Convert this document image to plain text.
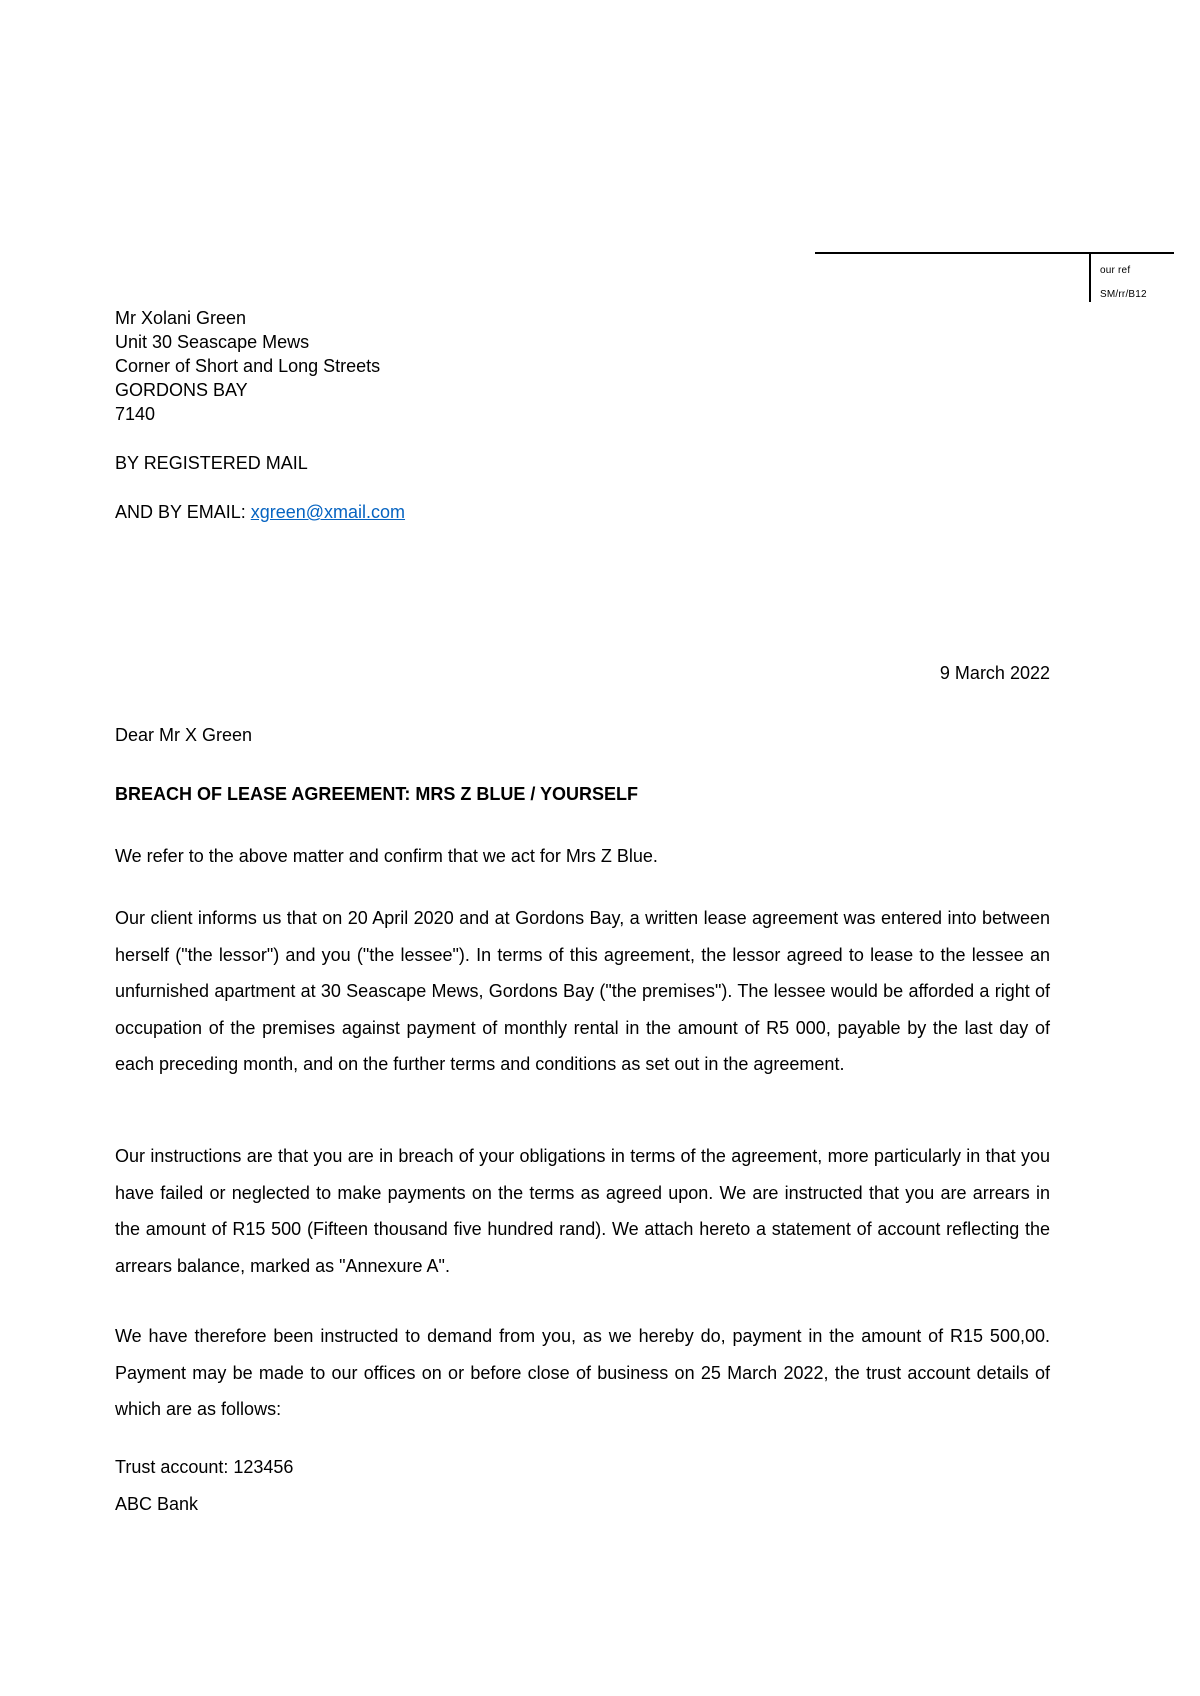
our ref
SM/rr/B12
Mr Xolani Green
Unit 30 Seascape Mews
Corner of Short and Long Streets
GORDONS BAY
7140
BY REGISTERED MAIL
AND BY EMAIL: xgreen@xmail.com
9 March 2022
Dear Mr X Green
BREACH OF LEASE AGREEMENT: MRS Z BLUE / YOURSELF

We refer to the above matter and confirm that we act for Mrs Z Blue.

Our client informs us that on 20 April 2020 and at Gordons Bay, a written lease agreement was entered into between herself ("the lessor") and you ("the lessee"). In terms of this agreement, the lessor agreed to lease to the lessee an unfurnished apartment at 30 Seascape Mews, Gordons Bay ("the premises"). The lessee would be afforded a right of occupation of the premises against payment of monthly rental in the amount of R5 000, payable by the last day of each preceding month, and on the further terms and conditions as set out in the agreement.

Our instructions are that you are in breach of your obligations in terms of the agreement, more particularly in that you have failed or neglected to make payments on the terms as agreed upon. We are instructed that you are arrears in the amount of R15 500 (Fifteen thousand five hundred rand). We attach hereto a statement of account reflecting the arrears balance, marked as "Annexure A".

We have therefore been instructed to demand from you, as we hereby do, payment in the amount of R15 500,00. Payment may be made to our offices on or before close of business on 25 March 2022, the trust account details of which are as follows:

Trust account: 123456
ABC Bank
